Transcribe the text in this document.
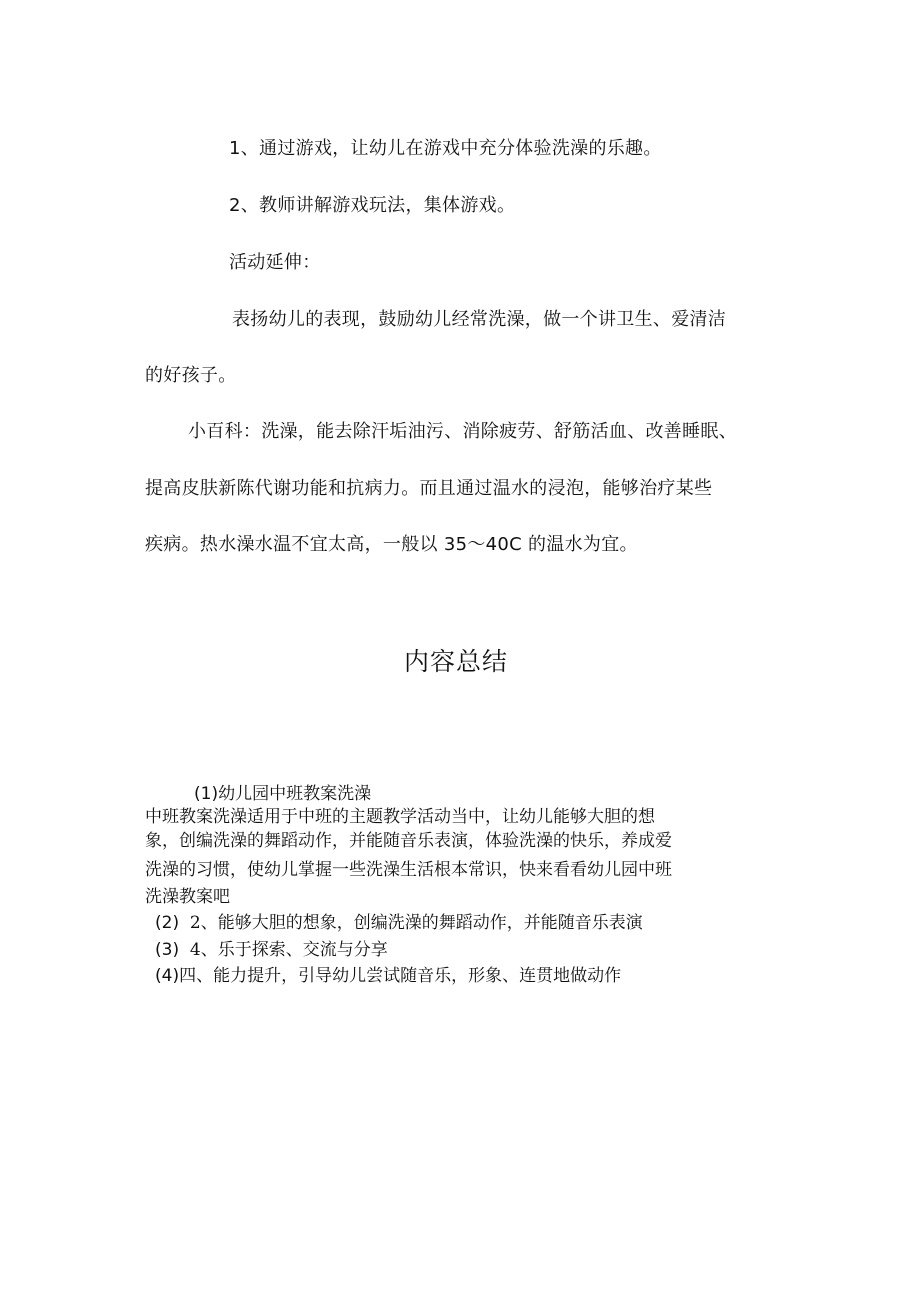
1、通过游戏，让幼儿在游戏中充分体验洗澡的乐趣。
2、教师讲解游戏玩法，集体游戏。
活动延伸：
表扬幼儿的表现，鼓励幼儿经常洗澡，做一个讲卫生、爱清洁
的好孩子。
小百科：洗澡，能去除汗垢油污、消除疲劳、舒筋活血、改善睡眠、
提高皮肤新陈代谢功能和抗病力。而且通过温水的浸泡，能够治疗某些
疾病。热水澡水温不宜太高，一般以 35〜40C 的温水为宜。
内容总结
(1)幼儿园中班教案洗澡
中班教案洗澡适用于中班的主题教学活动当中，让幼儿能够大胆的想
象，创编洗澡的舞蹈动作，并能随音乐表演，体验洗澡的快乐，养成爱
洗澡的习惯，使幼儿掌握一些洗澡生活根本常识，快来看看幼儿园中班
洗澡教案吧
(2) 2、能够大胆的想象，创编洗澡的舞蹈动作，并能随音乐表演
(3) 4、乐于探索、交流与分享
(4)四、能力提升，引导幼儿尝试随音乐，形象、连贯地做动作
